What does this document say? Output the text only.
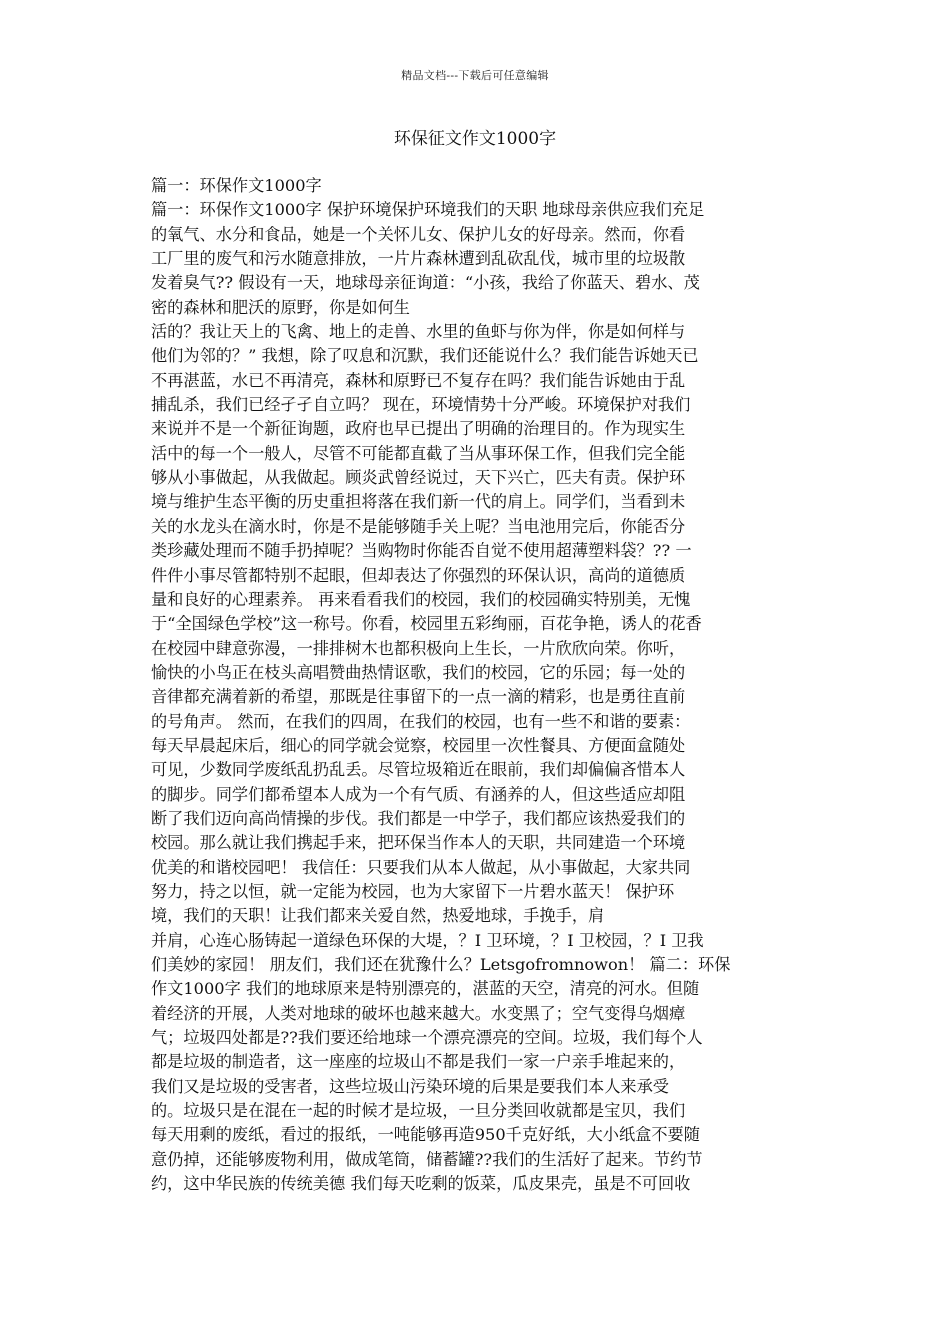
精品文档---下载后可任意编辑
环保征文作文1000字
篇一：环保作文1000字
篇一：环保作文1000字 保护环境保护环境我们的天职 地球母亲供应我们充足
的氧气、水分和食品，她是一个关怀儿女、保护儿女的好母亲。然而，你看
工厂里的废气和污水随意排放，一片片森林遭到乱砍乱伐，城市里的垃圾散
发着臭气?? 假设有一天，地球母亲征询道：“小孩，我给了你蓝天、碧水、茂
密的森林和肥沃的原野，你是如何生
活的？我让天上的飞禽、地上的走兽、水里的鱼虾与你为伴，你是如何样与
他们为邻的？” 我想，除了叹息和沉默，我们还能说什么？我们能告诉她天已
不再湛蓝，水已不再清亮，森林和原野已不复存在吗？我们能告诉她由于乱
捕乱杀，我们已经孑孑自立吗？ 现在，环境情势十分严峻。环境保护对我们
来说并不是一个新征询题，政府也早已提出了明确的治理目的。作为现实生
活中的每一个一般人，尽管不可能都直截了当从事环保工作，但我们完全能
够从小事做起，从我做起。顾炎武曾经说过，天下兴亡，匹夫有责。保护环
境与维护生态平衡的历史重担将落在我们新一代的肩上。同学们，当看到未
关的水龙头在滴水时，你是不是能够随手关上呢？当电池用完后，你能否分
类珍藏处理而不随手扔掉呢？当购物时你能否自觉不使用超薄塑料袋？?? 一
件件小事尽管都特别不起眼，但却表达了你强烈的环保认识，高尚的道德质
量和良好的心理素养。 再来看看我们的校园，我们的校园确实特别美，无愧
于“全国绿色学校”这一称号。你看，校园里五彩绚丽，百花争艳，诱人的花香
在校园中肆意弥漫，一排排树木也都积极向上生长，一片欣欣向荣。你听，
愉快的小鸟正在枝头高唱赞曲热情讴歌，我们的校园，它的乐园；每一处的
音律都充满着新的希望，那既是往事留下的一点一滴的精彩，也是勇往直前
的号角声。 然而，在我们的四周，在我们的校园，也有一些不和谐的要素：
每天早晨起床后，细心的同学就会觉察，校园里一次性餐具、方便面盒随处
可见，少数同学废纸乱扔乱丢。尽管垃圾箱近在眼前，我们却偏偏吝惜本人
的脚步。同学们都希望本人成为一个有气质、有涵养的人，但这些适应却阻
断了我们迈向高尚情操的步伐。我们都是一中学子，我们都应该热爱我们的
校园。那么就让我们携起手来，把环保当作本人的天职，共同建造一个环境
优美的和谐校园吧！ 我信任：只要我们从本人做起，从小事做起，大家共同
努力，持之以恒，就一定能为校园，也为大家留下一片碧水蓝天！ 保护环
境，我们的天职！让我们都来关爱自然，热爱地球，手挽手，肩
并肩，心连心肠铸起一道绿色环保的大堤，？I 卫环境，？I 卫校园，？I 卫我
们美妙的家园！ 朋友们，我们还在犹豫什么？Letsgofromnowon！ 篇二：环保
作文1000字 我们的地球原来是特别漂亮的，湛蓝的天空，清亮的河水。但随
着经济的开展，人类对地球的破坏也越来越大。水变黑了；空气变得乌烟瘴
气；垃圾四处都是??我们要还给地球一个漂亮漂亮的空间。垃圾，我们每个人
都是垃圾的制造者，这一座座的垃圾山不都是我们一家一户亲手堆起来的，
我们又是垃圾的受害者，这些垃圾山污染环境的后果是要我们本人来承受
的。垃圾只是在混在一起的时候才是垃圾，一旦分类回收就都是宝贝，我们
每天用剩的废纸，看过的报纸，一吨能够再造950千克好纸，大小纸盒不要随
意仍掉，还能够废物利用，做成笔筒，储蓄罐??我们的生活好了起来。节约节
约，这中华民族的传统美德 我们每天吃剩的饭菜，瓜皮果壳，虽是不可回收
